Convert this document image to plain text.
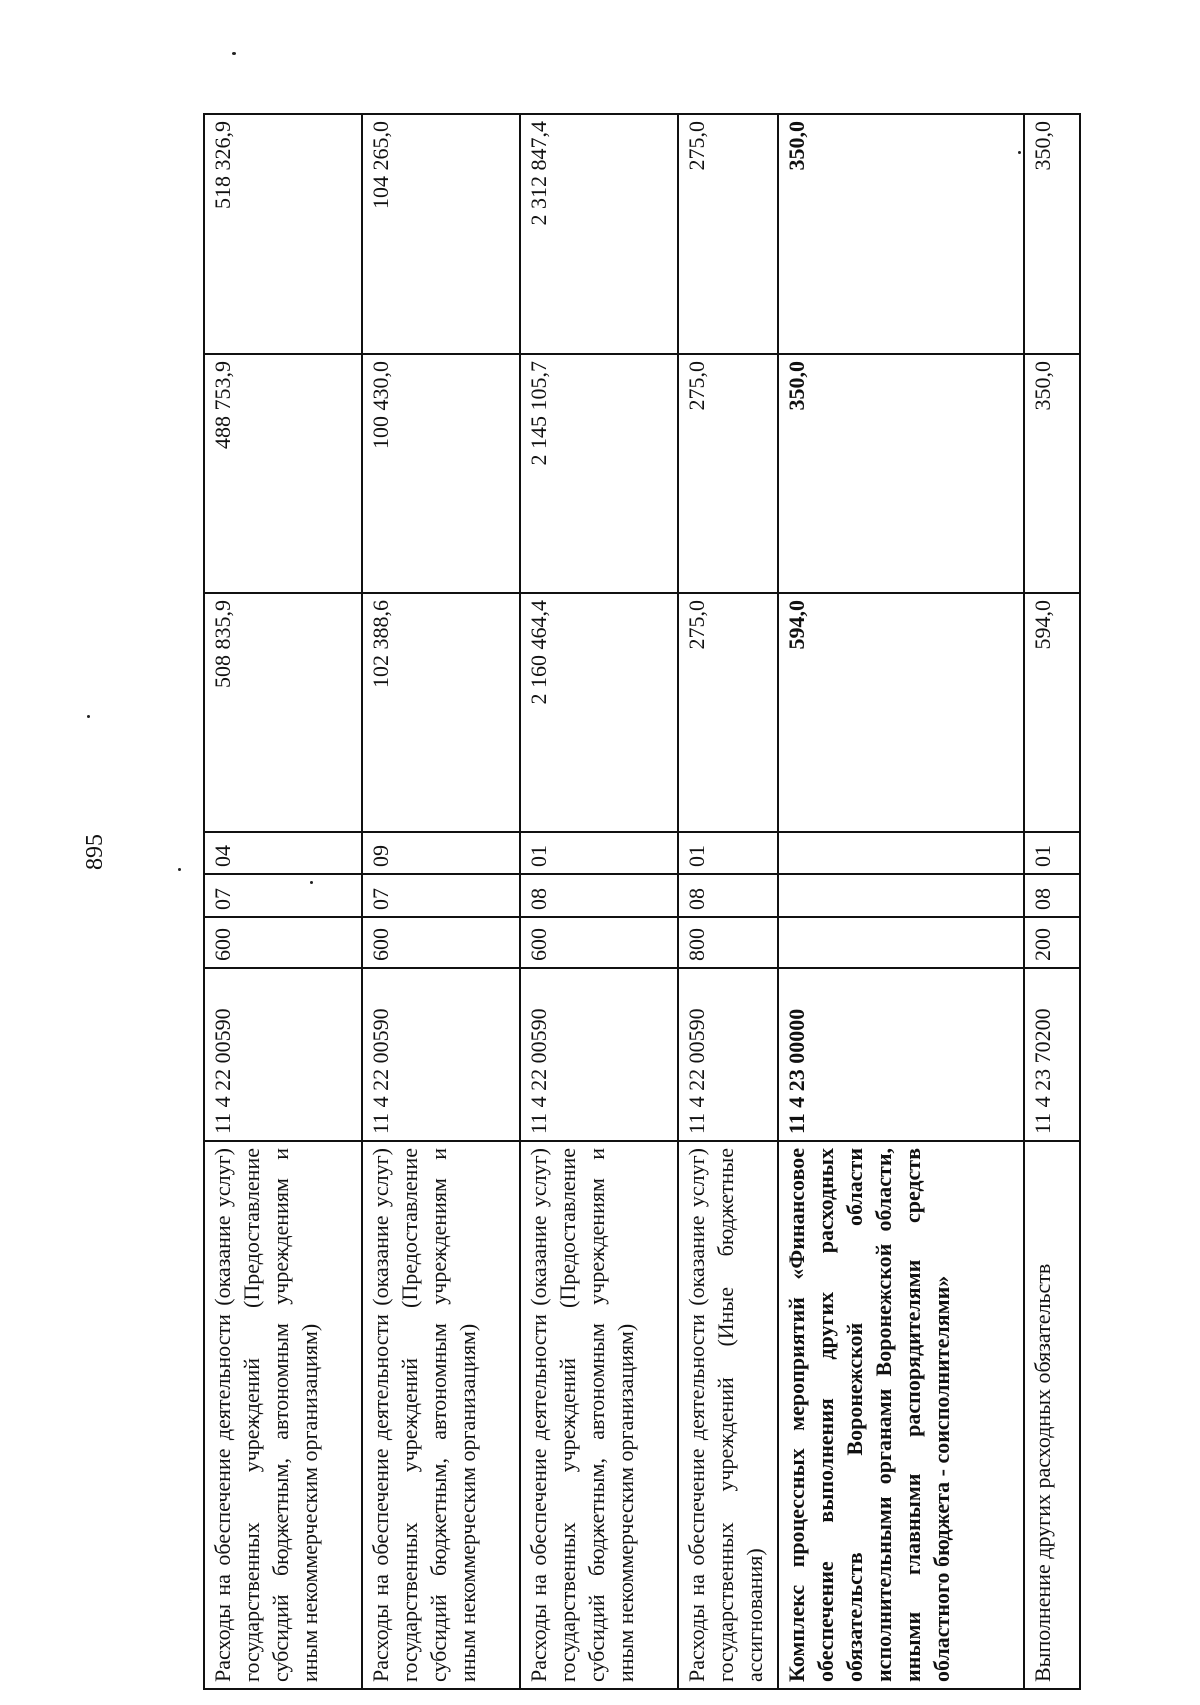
895
Расходы на обеспечение деятельности (оказание услуг) государственных учреждений (Предоставление субсидий бюджетным, автономным учреждениям и иным некоммерческим организациям)	11 4 22 00590	600	07	04	508 835,9	488 753,9	518 326,9
Расходы на обеспечение деятельности (оказание услуг) государственных учреждений (Предоставление субсидий бюджетным, автономным учреждениям и иным некоммерческим организациям)	11 4 22 00590	600	07	09	102 388,6	100 430,0	104 265,0
Расходы на обеспечение деятельности (оказание услуг) государственных учреждений (Предоставление субсидий бюджетным, автономным учреждениям и иным некоммерческим организациям)	11 4 22 00590	600	08	01	2 160 464,4	2 145 105,7	2 312 847,4
Расходы на обеспечение деятельности (оказание услуг) государственных учреждений (Иные бюджетные ассигнования)	11 4 22 00590	800	08	01	275,0	275,0	275,0
Комплекс процессных мероприятий «Финансовое обеспечение выполнения других расходных обязательств Воронежской области исполнительными органами Воронежской области, иными главными распорядителями средств областного бюджета - соисполнителями»	11 4 23 00000				594,0	350,0	350,0
Выполнение других расходных обязательств	11 4 23 70200	200	08	01	594,0	350,0	350,0
